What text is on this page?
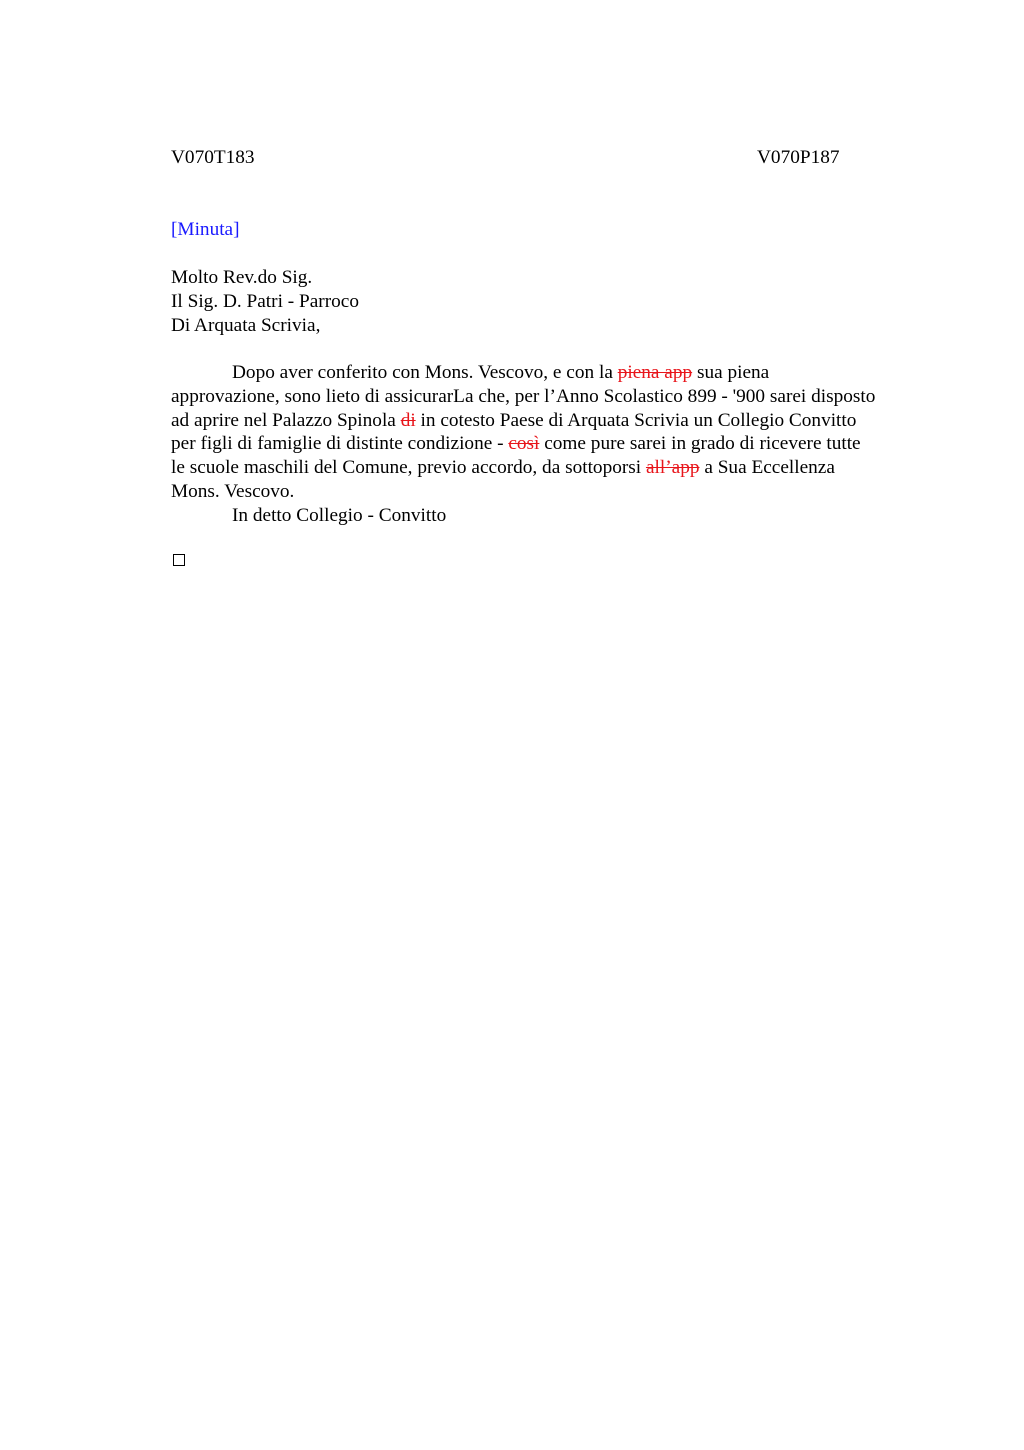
V070T183	V070P187
[Minuta]
Molto Rev.do Sig.
Il Sig. D. Patri - Parroco
Di Arquata Scrivia,
Dopo aver conferito con Mons. Vescovo, e con la piena app sua piena
approvazione, sono lieto di assicurarLa che, per l’Anno Scolastico 899 - '900 sarei disposto
ad aprire nel Palazzo Spinola di in cotesto Paese di Arquata Scrivia un Collegio Convitto
per figli di famiglie di distinte condizione - così come pure sarei in grado di ricevere tutte
le scuole maschili del Comune, previo accordo, da sottoporsi all’app a Sua Eccellenza
Mons. Vescovo.
In detto Collegio - Convitto
